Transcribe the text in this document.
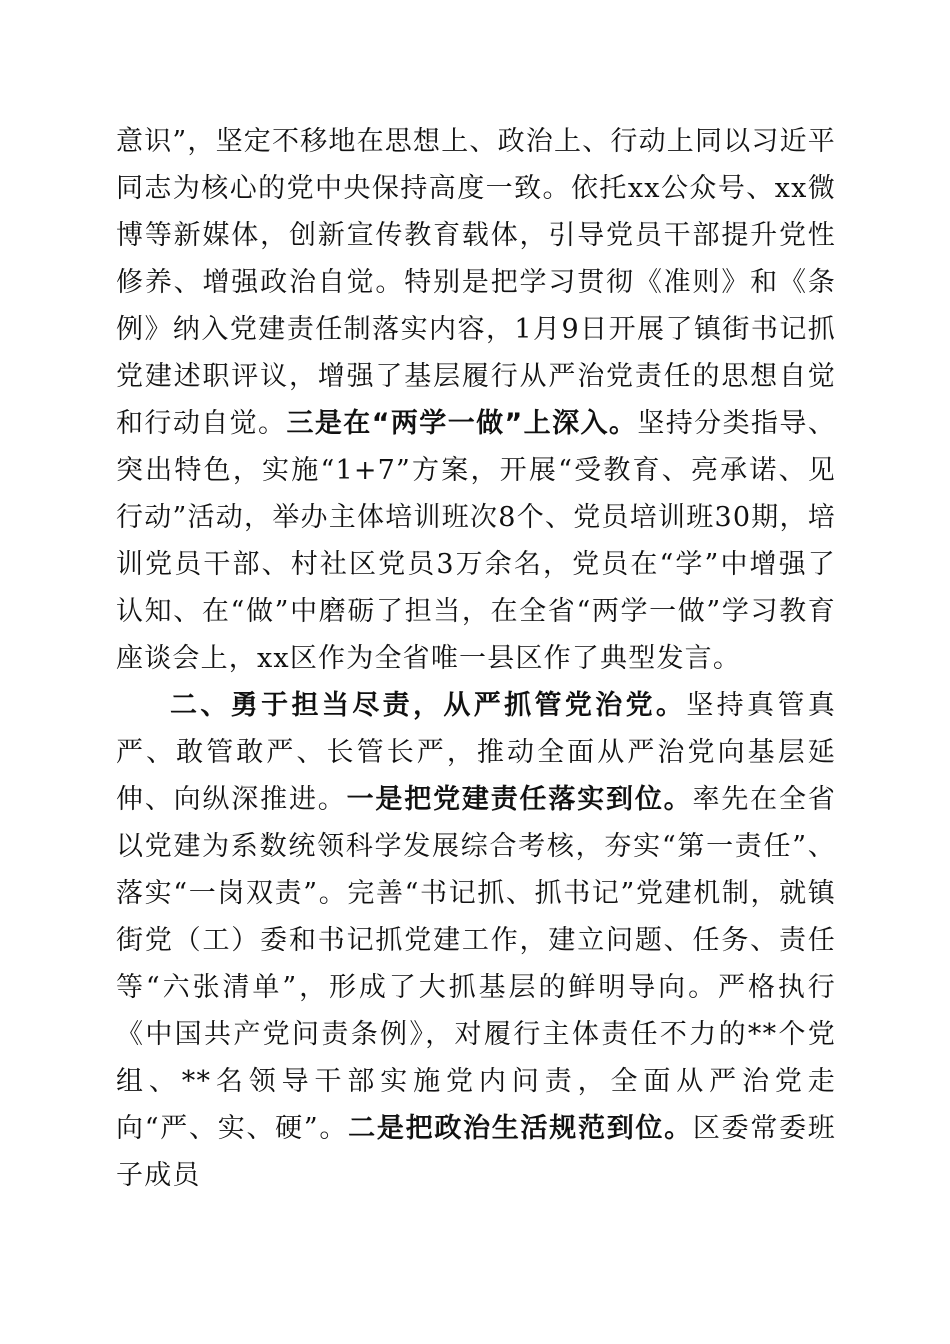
意识”，坚定不移地在思想上、政治上、行动上同以习近平同志为核心的党中央保持高度一致。依托xx公众号、xx微博等新媒体，创新宣传教育载体，引导党员干部提升党性修养、增强政治自觉。特别是把学习贯彻《准则》和《条例》纳入党建责任制落实内容，1月9日开展了镇街书记抓党建述职评议，增强了基层履行从严治党责任的思想自觉和行动自觉。三是在“两学一做”上深入。坚持分类指导、突出特色，实施“1+7”方案，开展“受教育、亮承诺、见行动”活动，举办主体培训班次8个、党员培训班30期，培训党员干部、村社区党员3万余名，党员在“学”中增强了认知、在“做”中磨砺了担当，在全省“两学一做”学习教育座谈会上，xx区作为全省唯一县区作了典型发言。

二、勇于担当尽责，从严抓管党治党。坚持真管真严、敢管敢严、长管长严，推动全面从严治党向基层延伸、向纵深推进。一是把党建责任落实到位。率先在全省以党建为系数统领科学发展综合考核，夯实“第一责任”、落实“一岗双责”。完善“书记抓、抓书记”党建机制，就镇街党（工）委和书记抓党建工作，建立问题、任务、责任等“六张清单”，形成了大抓基层的鲜明导向。严格执行《中国共产党问责条例》，对履行主体责任不力的**个党组、**名领导干部实施党内问责，全面从严治党走向“严、实、硬”。二是把政治生活规范到位。区委常委班子成员
